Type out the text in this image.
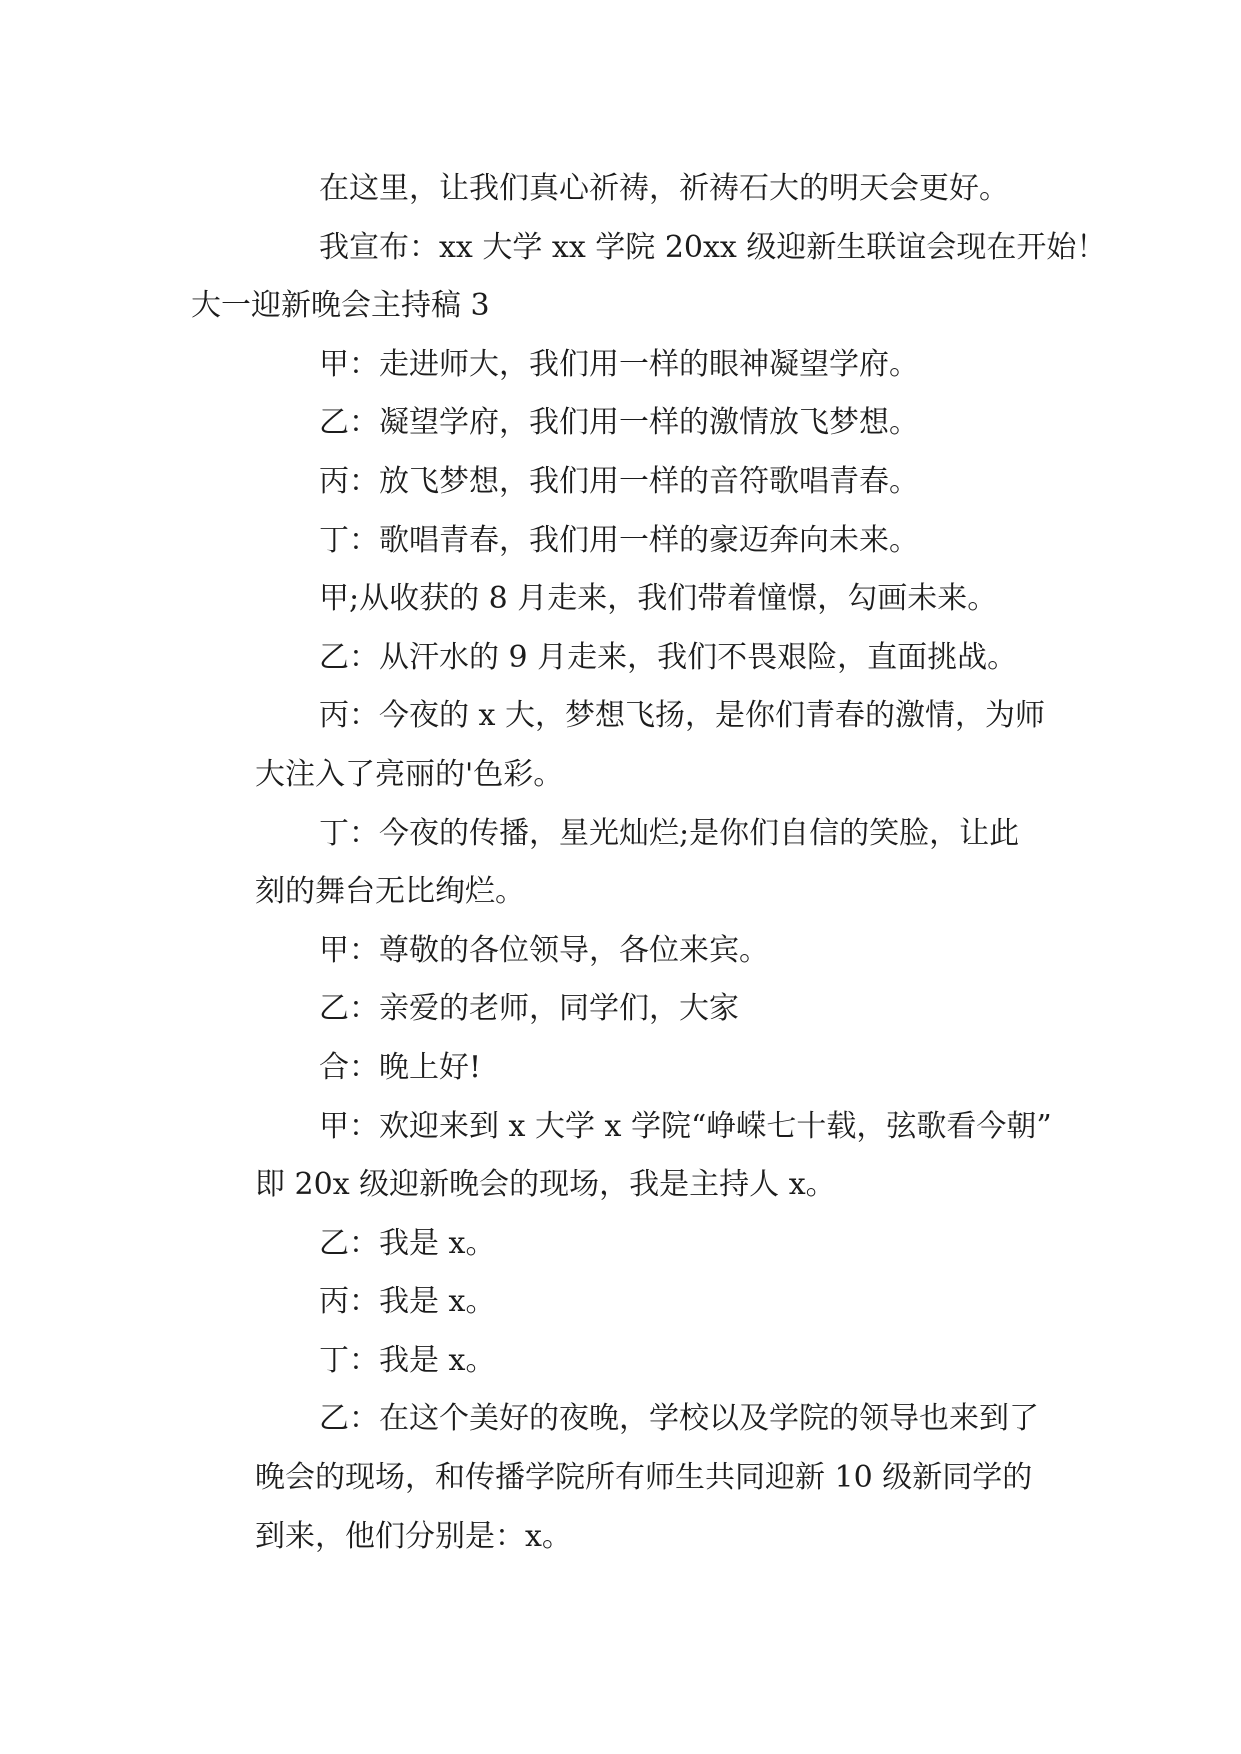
在这里，让我们真心祈祷，祈祷石大的明天会更好。
我宣布：xx 大学 xx 学院 20xx 级迎新生联谊会现在开始！
大一迎新晚会主持稿 3
甲：走进师大，我们用一样的眼神凝望学府。
乙：凝望学府，我们用一样的激情放飞梦想。
丙：放飞梦想，我们用一样的音符歌唱青春。
丁：歌唱青春，我们用一样的豪迈奔向未来。
甲;从收获的 8 月走来，我们带着憧憬，勾画未来。
乙：从汗水的 9 月走来，我们不畏艰险，直面挑战。
丙：今夜的 x 大，梦想飞扬，是你们青春的激情，为师
大注入了亮丽的'色彩。
丁：今夜的传播，星光灿烂;是你们自信的笑脸，让此
刻的舞台无比绚烂。
甲：尊敬的各位领导，各位来宾。
乙：亲爱的老师，同学们，大家
合：晚上好!
甲：欢迎来到 x 大学 x 学院“峥嵘七十载，弦歌看今朝”
即 20x 级迎新晚会的现场，我是主持人 x。
乙：我是 x。
丙：我是 x。
丁：我是 x。
乙：在这个美好的夜晚，学校以及学院的领导也来到了
晚会的现场，和传播学院所有师生共同迎新 10 级新同学的
到来，他们分别是：x。
